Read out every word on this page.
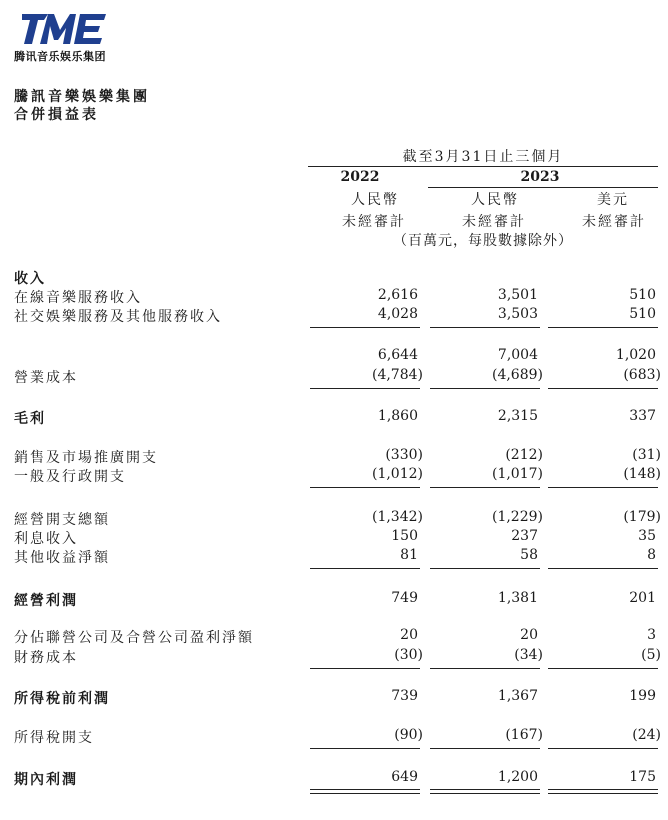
腾讯音乐娱乐集团
騰訊音樂娛樂集團
合併損益表
截至3月31日止三個月
2022	2023
人民幣	人民幣	美元
未經審計	未經審計	未經審計
（百萬元，每股數據除外）
收入
在線音樂服務收入	2,616	3,501	510
社交娛樂服務及其他服務收入	4,028	3,503	510
6,644	7,004	1,020
營業成本	(4,784)	(4,689)	(683)
毛利	1,860	2,315	337
銷售及市場推廣開支	(330)	(212)	(31)
一般及行政開支	(1,012)	(1,017)	(148)
經營開支總額	(1,342)	(1,229)	(179)
利息收入	150	237	35
其他收益淨額	81	58	8
經營利潤	749	1,381	201
分佔聯營公司及合營公司盈利淨額	20	20	3
財務成本	(30)	(34)	(5)
所得稅前利潤	739	1,367	199
所得稅開支	(90)	(167)	(24)
期內利潤	649	1,200	175
